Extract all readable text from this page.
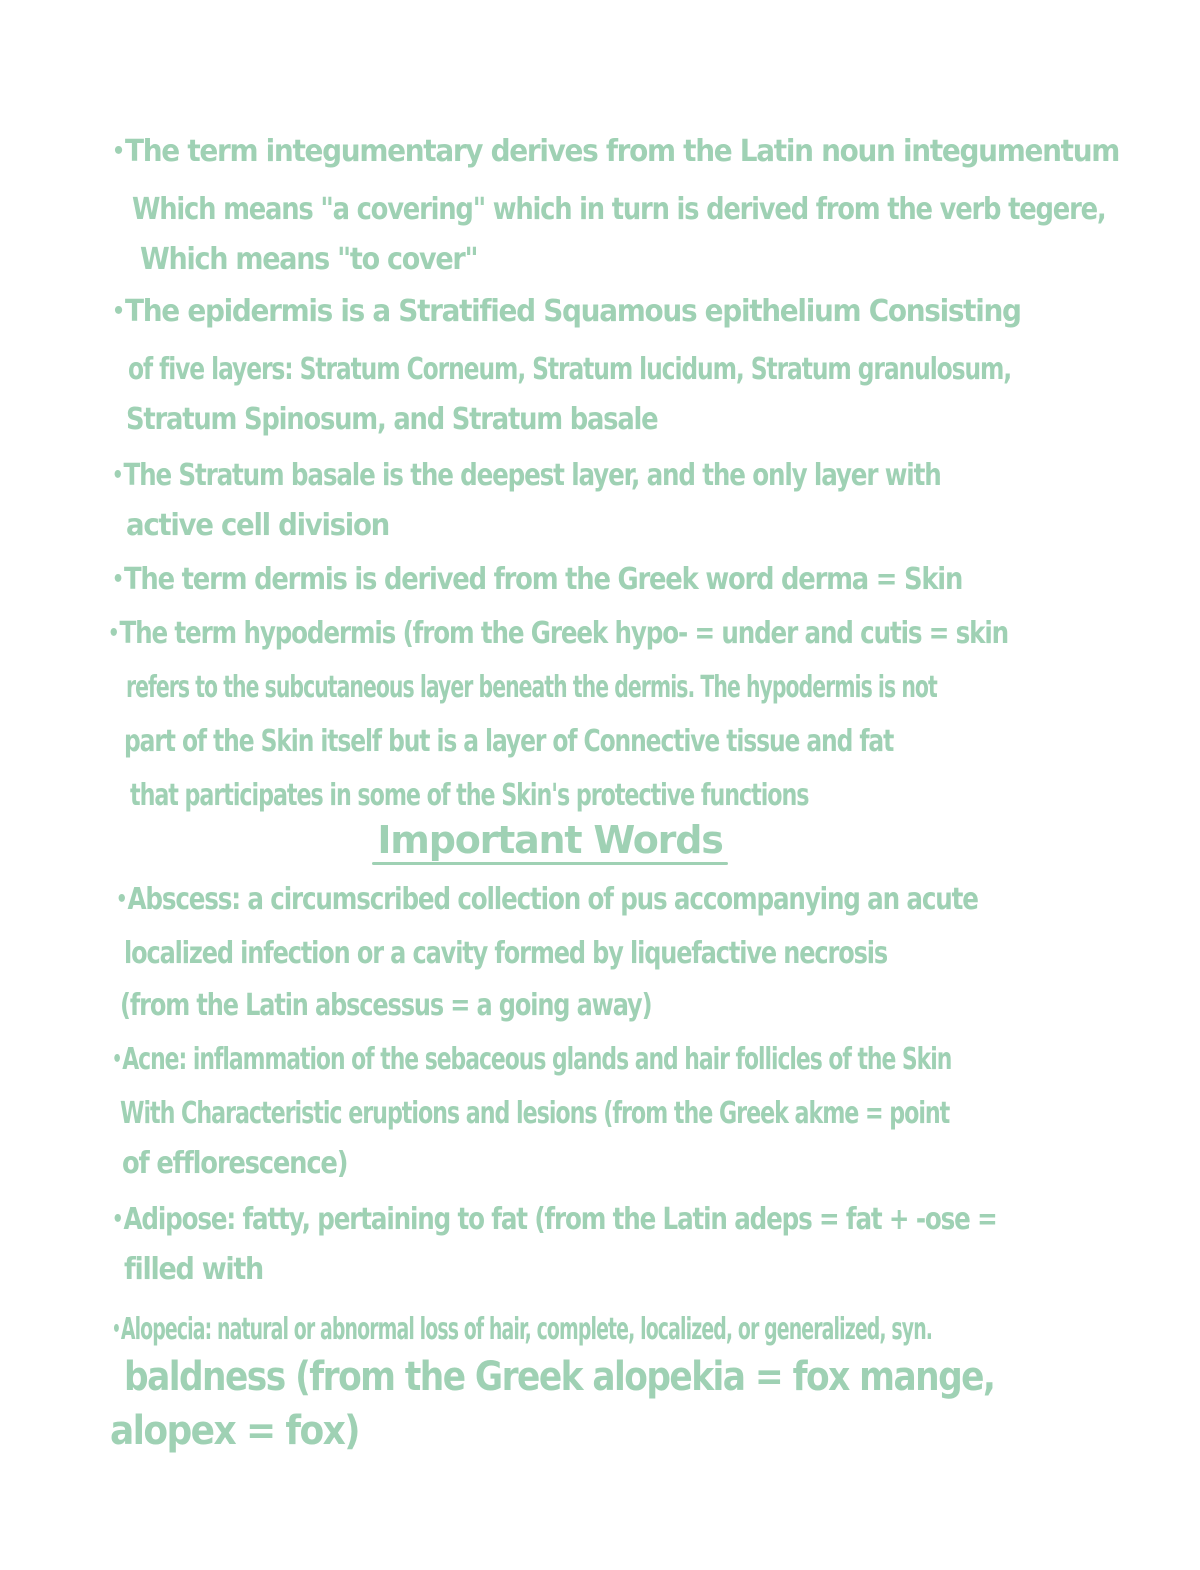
•The term integumentary derives from the Latin noun integumentum
Which means "a covering" which in turn is derived from the verb tegere,
Which means "to cover"
•The epidermis is a Stratified Squamous epithelium Consisting
of five layers: Stratum Corneum, Stratum lucidum, Stratum granulosum,
Stratum Spinosum, and Stratum basale
•The Stratum basale is the deepest layer, and the only layer with
active cell division
•The term dermis is derived from the Greek word derma = Skin
•The term hypodermis (from the Greek hypo- = under and cutis = skin
refers to the subcutaneous layer beneath the dermis. The hypodermis is not
part of the Skin itself but is a layer of Connective tissue and fat
that participates in some of the Skin's protective functions
Important Words
•Abscess: a circumscribed collection of pus accompanying an acute
localized infection or a cavity formed by liquefactive necrosis
(from the Latin abscessus = a going away)
•Acne: inflammation of the sebaceous glands and hair follicles of the Skin
With Characteristic eruptions and lesions (from the Greek akme = point
of efflorescence)
•Adipose: fatty, pertaining to fat (from the Latin adeps = fat + -ose =
filled with
•Alopecia: natural or abnormal loss of hair, complete, localized, or generalized, syn.
baldness (from the Greek alopekia = fox mange,
alopex = fox)
